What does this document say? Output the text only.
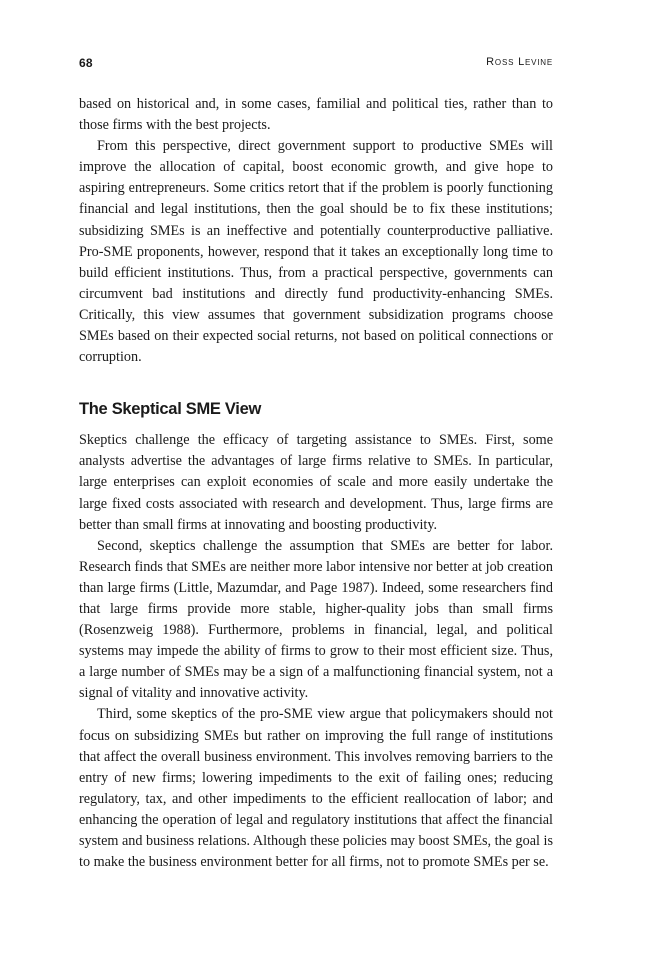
68	Ross Levine

based on historical and, in some cases, familial and political ties, rather than to those firms with the best projects.

From this perspective, direct government support to productive SMEs will improve the allocation of capital, boost economic growth, and give hope to aspiring entrepreneurs. Some critics retort that if the problem is poorly functioning financial and legal institutions, then the goal should be to fix these institutions; subsidizing SMEs is an ineffective and potentially counterproductive palliative. Pro-SME proponents, however, respond that it takes an exceptionally long time to build efficient institutions. Thus, from a practical perspective, governments can circumvent bad institutions and directly fund productivity-enhancing SMEs. Critically, this view assumes that government subsidization programs choose SMEs based on their expected social returns, not based on political connections or corruption.

The Skeptical SME View

Skeptics challenge the efficacy of targeting assistance to SMEs. First, some analysts advertise the advantages of large firms relative to SMEs. In particular, large enterprises can exploit economies of scale and more easily undertake the large fixed costs associated with research and development. Thus, large firms are better than small firms at innovating and boosting productivity.

Second, skeptics challenge the assumption that SMEs are better for labor. Research finds that SMEs are neither more labor intensive nor better at job creation than large firms (Little, Mazumdar, and Page 1987). Indeed, some researchers find that large firms provide more stable, higher-quality jobs than small firms (Rosenzweig 1988). Furthermore, problems in financial, legal, and political systems may impede the ability of firms to grow to their most efficient size. Thus, a large number of SMEs may be a sign of a malfunctioning financial system, not a signal of vitality and innovative activity.

Third, some skeptics of the pro-SME view argue that policymakers should not focus on subsidizing SMEs but rather on improving the full range of institutions that affect the overall business environment. This involves removing barriers to the entry of new firms; lowering impediments to the exit of failing ones; reducing regulatory, tax, and other impediments to the efficient reallocation of labor; and enhancing the operation of legal and regulatory institutions that affect the financial system and business relations. Although these policies may boost SMEs, the goal is to make the business environment better for all firms, not to promote SMEs per se.
